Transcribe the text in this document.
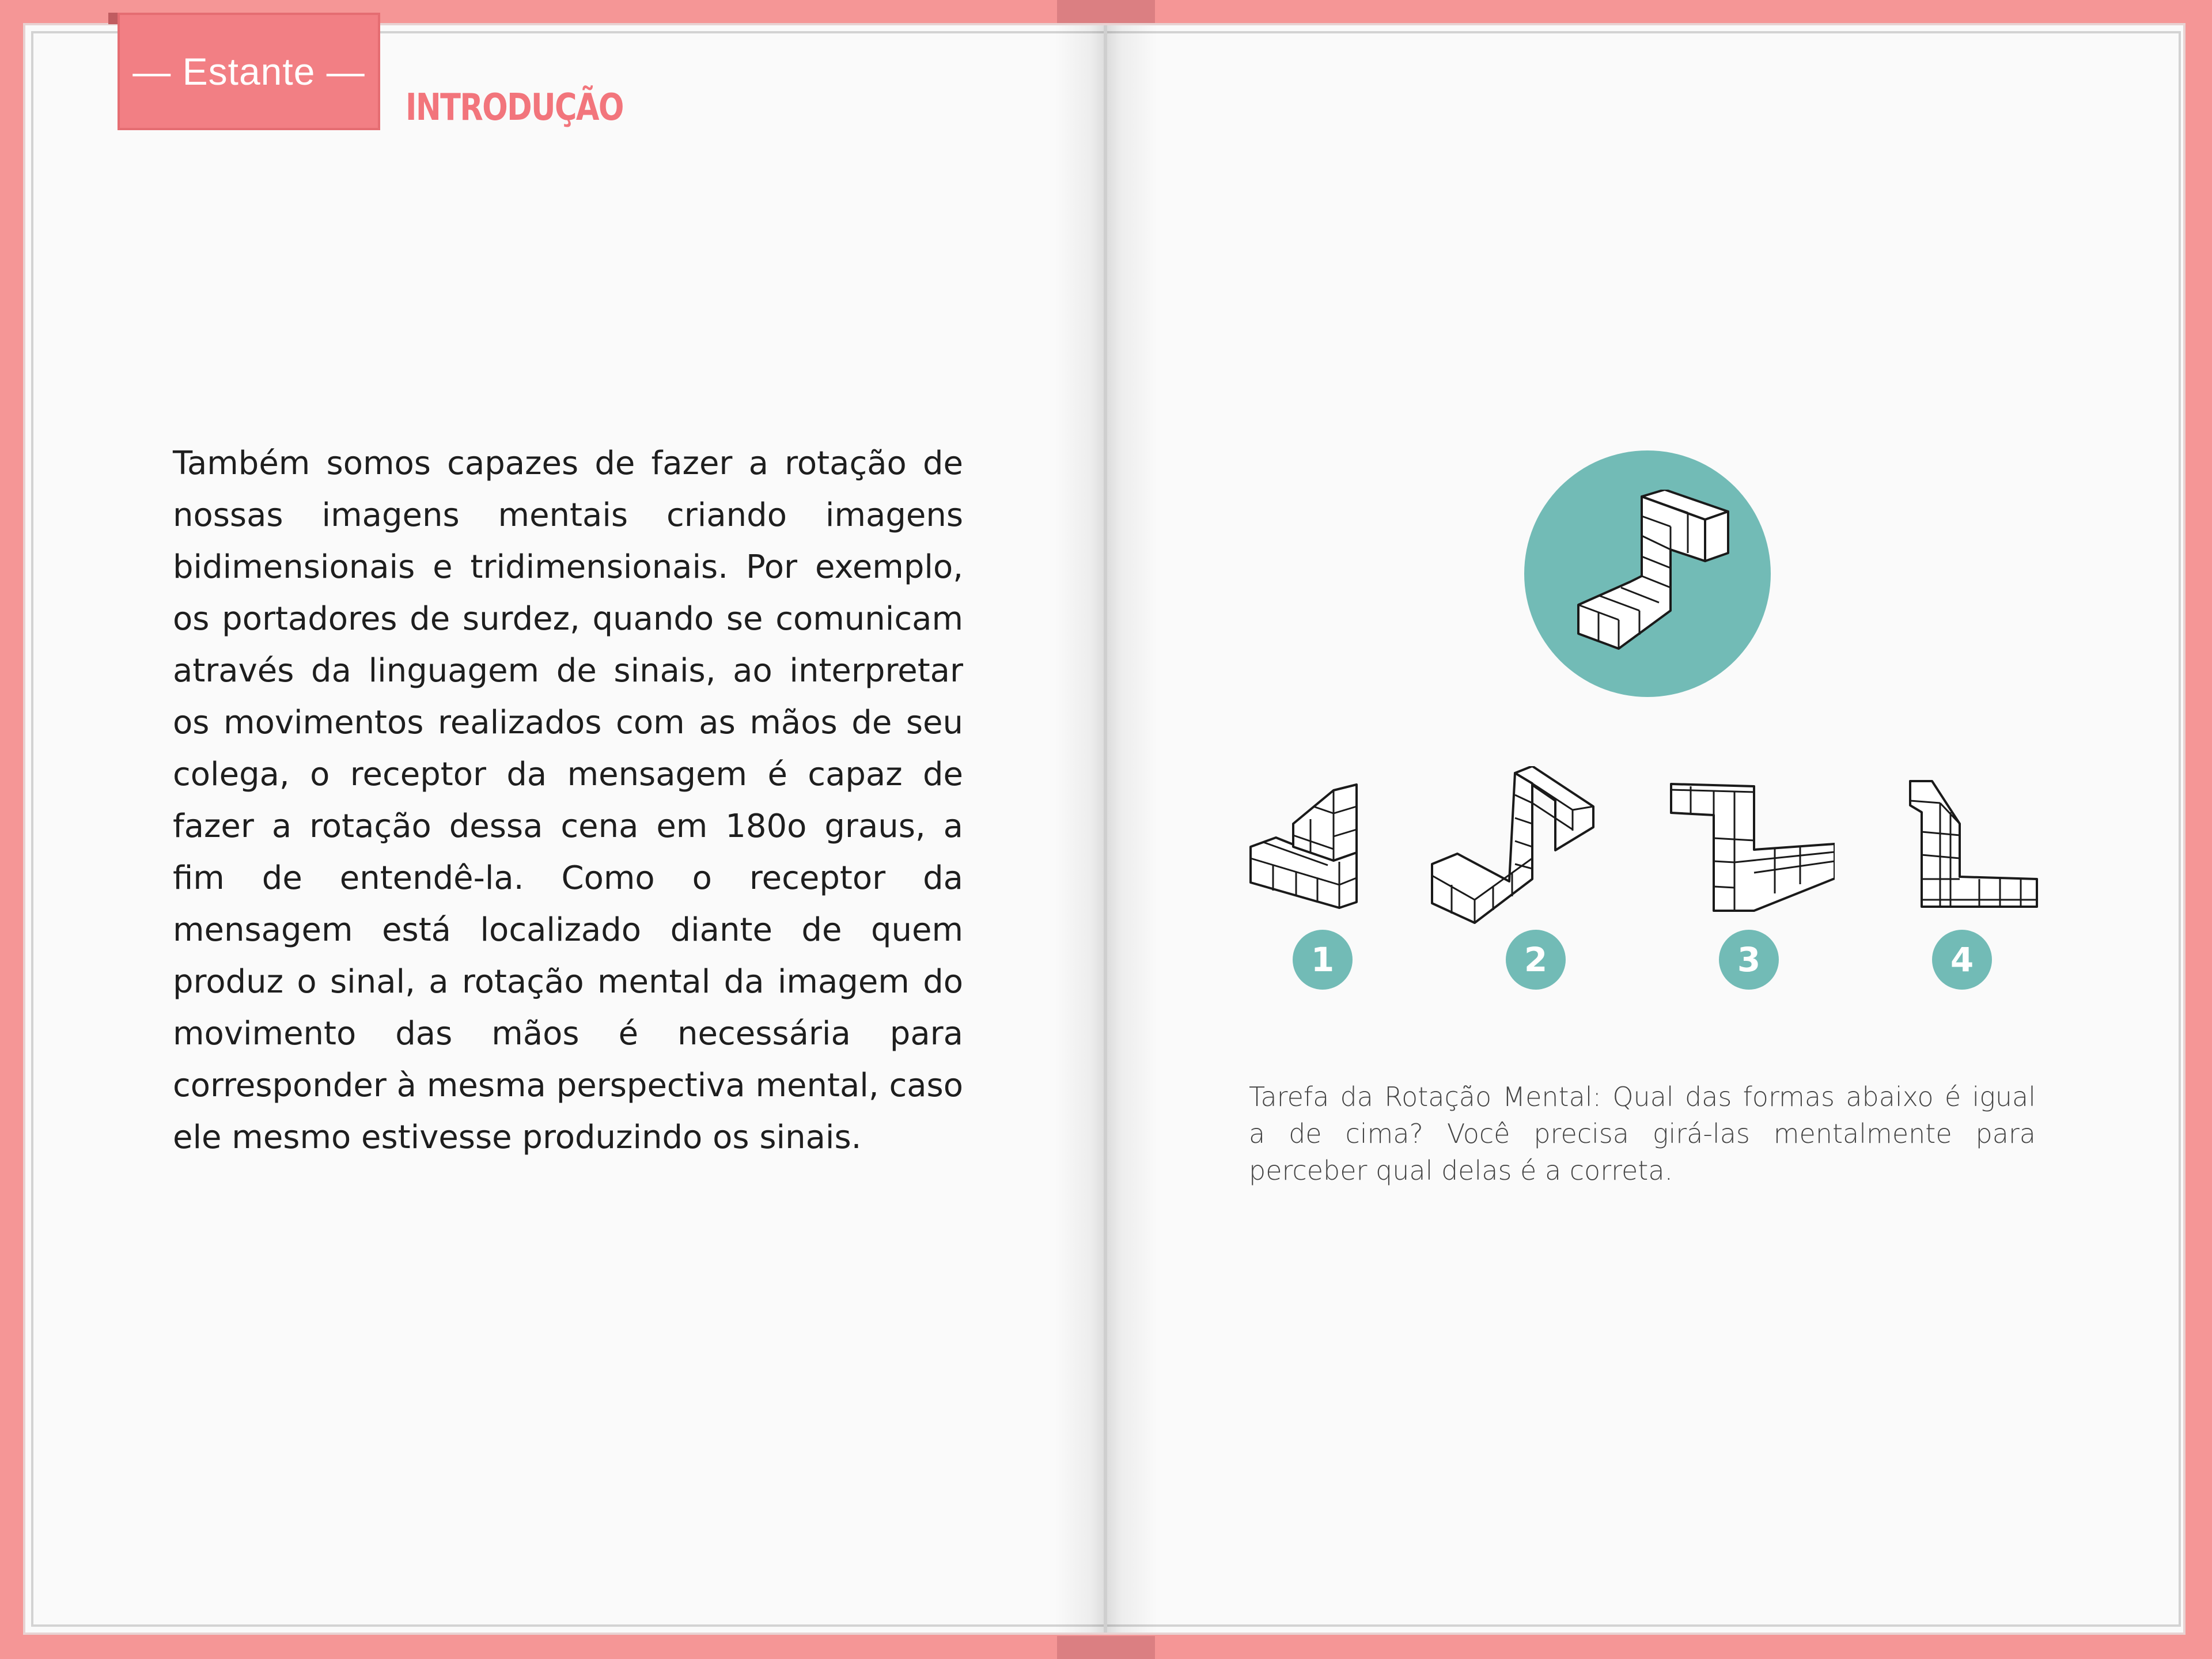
— Estante —
INTRODUÇÃO

Também somos capazes de fazer a rotação de nossas imagens mentais criando imagens bidimensionais e tridimensionais. Por exemplo, os portadores de surdez, quando se comunicam através da linguagem de sinais, ao interpretar os movimentos realizados com as mãos de seu colega, o receptor da mensagem é capaz de fazer a rotação dessa cena em 180o graus, a fim de entendê-la. Como o receptor da mensagem está localizado diante de quem produz o sinal, a rotação mental da imagem do movimento das mãos é necessária para corresponder à mesma perspectiva mental, caso ele mesmo estivesse produzindo os sinais.

1	2	3	4

Tarefa da Rotação Mental: Qual das formas abaixo é igual a de cima? Você precisa girá-las mentalmente para perceber qual delas é a correta.
